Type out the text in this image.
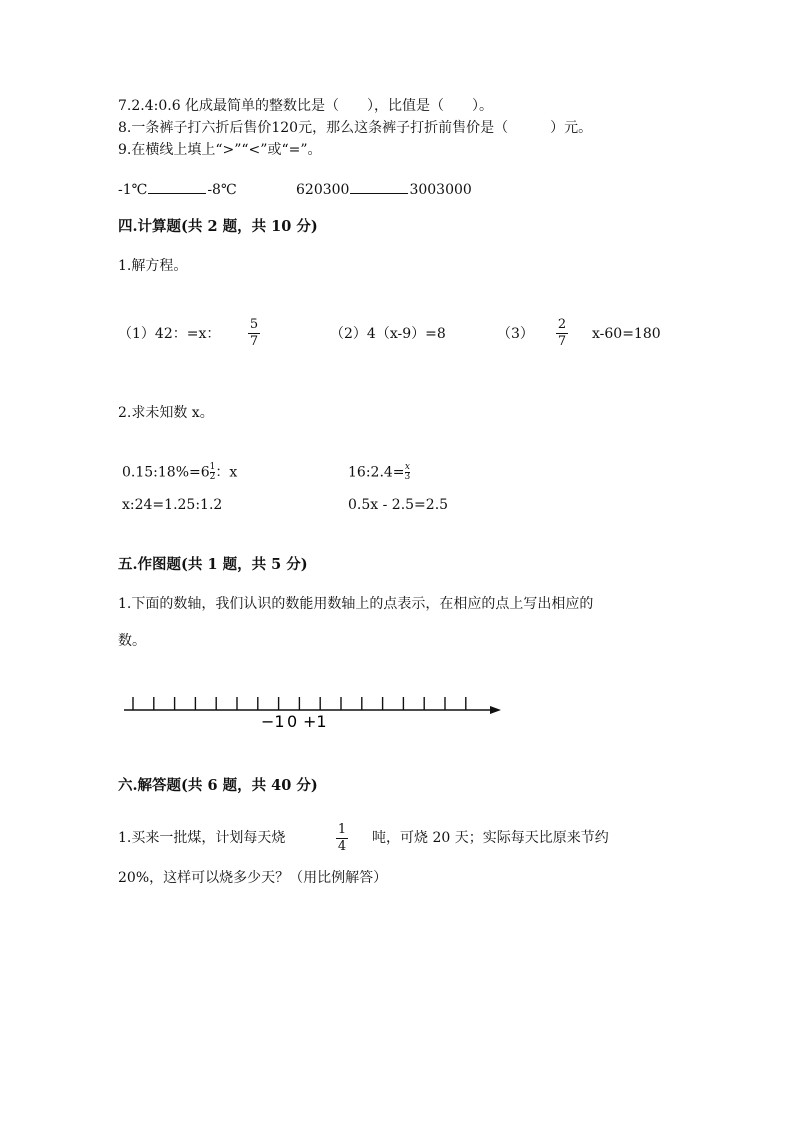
7.2.4:0.6 化成最简单的整数比是（　　），比值是（　　）。
8.一条裤子打六折后售价120元，那么这条裤子打折前售价是（　　　）元。
9.在横线上填上“>”“<”或“=”。
-1℃	-8℃	620300	3003000
四.计算题(共 2 题，共 10 分)
1.解方程。
（1）42：=x：
5
7	（2）4（x-9）=8	（3）
2
7 x-60=180
2.求未知数 x。
0.15:18%=6 $\frac{1}{2}$ ：x	16:2.4= $\frac{x}{3}$
x:24=1.25:1.2	0.5x - 2.5=2.5
五.作图题(共 1 题，共 5 分)
1.下面的数轴，我们认识的数能用数轴上的点表示，在相应的点上写出相应的
数。
−1 0 +1
六.解答题(共 6 题，共 40 分)
1.买来一批煤，计划每天烧
1
4
吨，可烧 20 天；实际每天比原来节约
20%，这样可以烧多少天？（用比例解答）
